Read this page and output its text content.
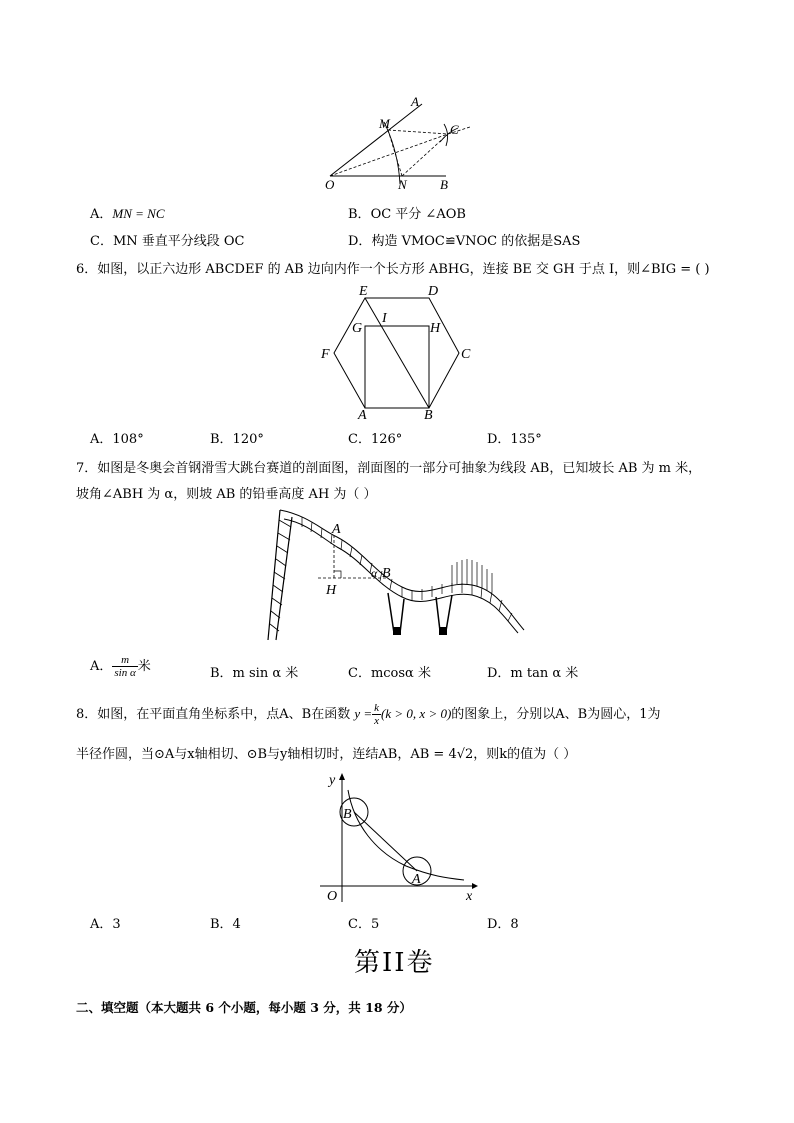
A
M	C
O	N	B
A．MN = NC	B．OC 平分 ∠AOB
C．MN 垂直平分线段 OC	D．构造 VMOC≌VNOC 的依据是SAS
6．如图，以正六边形 ABCDEF 的 AB 边向内作一个长方形 ABHG，连接 BE 交 GH 于点 I，则∠BIG = ( )
E	D
G
I
H
F	C
A	B
A．108°	B．120°	C．126°	D．135°
7．如图是冬奥会首钢滑雪大跳台赛道的剖面图，剖面图的一部分可抽象为线段 AB，已知坡长 AB 为 m 米，
坡角∠ABH 为 α，则坡 AB 的铅垂高度 AH 为（ ）
A
B
H
α
A． $\frac{m}{\text{sin α}}$ 米	B．m sin α 米	C．mcosα 米	D．m tan α 米
8．如图，在平面直角坐标系中，点A、B在函数 $y = \frac{k}{x} (k > 0$, x > 0)的图象上，分别以A、B为圆心，1为
半径作圆，当⊙A与x轴相切、⊙B与y轴相切时，连结AB，AB = 4√2，则k的值为（ ）
y
B
A
O	x
A．3	B．4	C．5	D．8
第II卷
二、填空题（本大题共 6 个小题，每小题 3 分，共 18 分）
